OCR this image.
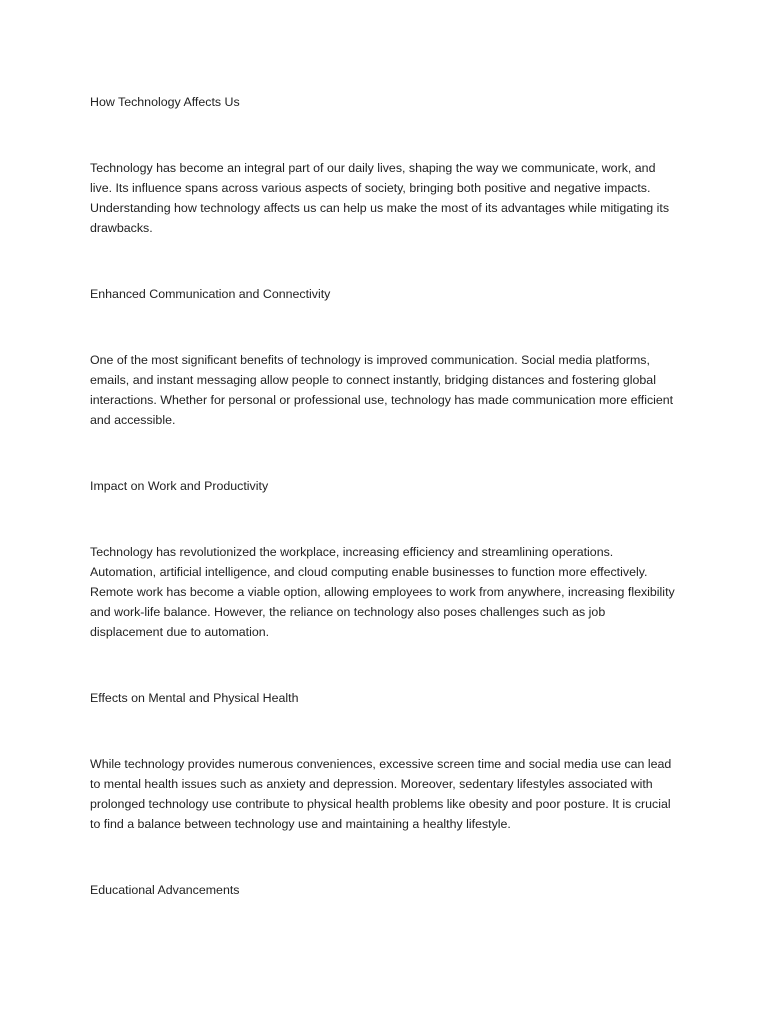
How Technology Affects Us

Technology has become an integral part of our daily lives, shaping the way we communicate, work, and live. Its influence spans across various aspects of society, bringing both positive and negative impacts. Understanding how technology affects us can help us make the most of its advantages while mitigating its drawbacks.

Enhanced Communication and Connectivity

One of the most significant benefits of technology is improved communication. Social media platforms, emails, and instant messaging allow people to connect instantly, bridging distances and fostering global interactions. Whether for personal or professional use, technology has made communication more efficient and accessible.

Impact on Work and Productivity

Technology has revolutionized the workplace, increasing efficiency and streamlining operations. Automation, artificial intelligence, and cloud computing enable businesses to function more effectively. Remote work has become a viable option, allowing employees to work from anywhere, increasing flexibility and work-life balance. However, the reliance on technology also poses challenges such as job displacement due to automation.

Effects on Mental and Physical Health

While technology provides numerous conveniences, excessive screen time and social media use can lead to mental health issues such as anxiety and depression. Moreover, sedentary lifestyles associated with prolonged technology use contribute to physical health problems like obesity and poor posture. It is crucial to find a balance between technology use and maintaining a healthy lifestyle.

Educational Advancements
